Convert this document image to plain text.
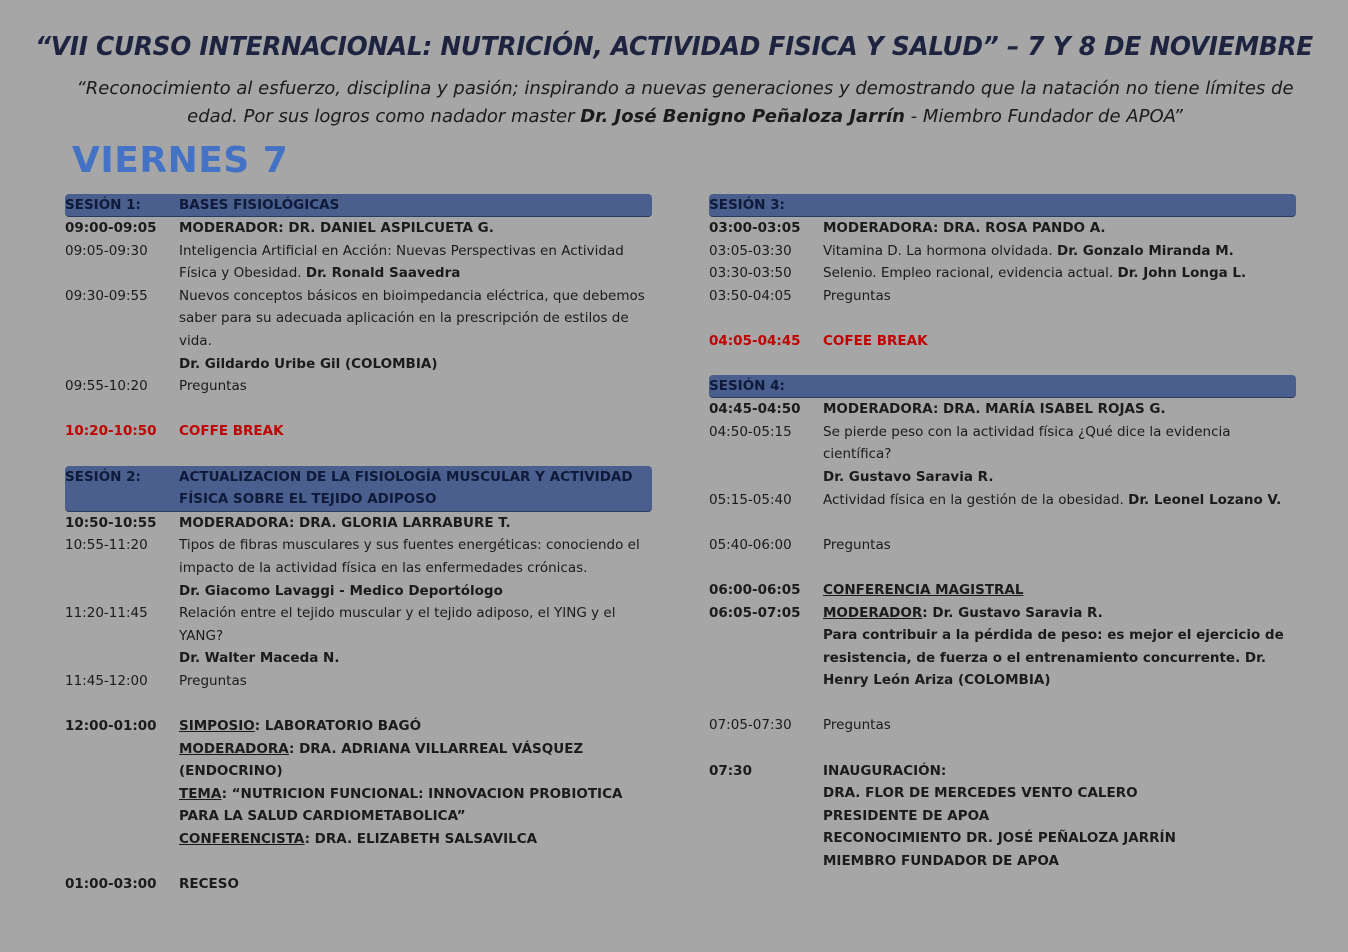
“VII CURSO INTERNACIONAL: NUTRICIÓN, ACTIVIDAD FISICA Y SALUD” – 7 Y 8 DE NOVIEMBRE
“Reconocimiento al esfuerzo, disciplina y pasión; inspirando a nuevas generaciones y demostrando que la natación no tiene límites de edad. Por sus logros como nadador master Dr. José Benigno Peñaloza Jarrín - Miembro Fundador de APOA”
VIERNES 7
SESIÓN 1:	BASES FISIOLÓGICAS
09:00-09:05	MODERADOR: DR. DANIEL ASPILCUETA G.
09:05-09:30	Inteligencia Artificial en Acción: Nuevas Perspectivas en Actividad Física y Obesidad. Dr. Ronald Saavedra
09:30-09:55	Nuevos conceptos básicos en bioimpedancia eléctrica, que debemos saber para su adecuada aplicación en la prescripción de estilos de vida.
Dr. Gildardo Uribe Gil (COLOMBIA)
09:55-10:20	Preguntas
10:20-10:50	COFFE BREAK
SESIÓN 2:	ACTUALIZACION DE LA FISIOLOGÍA MUSCULAR Y ACTIVIDAD FÍSICA SOBRE EL TEJIDO ADIPOSO
10:50-10:55	MODERADORA: DRA. GLORIA LARRABURE T.
10:55-11:20	Tipos de fibras musculares y sus fuentes energéticas: conociendo el impacto de la actividad física en las enfermedades crónicas.
Dr. Giacomo Lavaggi - Medico Deportólogo
11:20-11:45	Relación entre el tejido muscular y el tejido adiposo, el YING y el YANG?
Dr. Walter Maceda N.
11:45-12:00	Preguntas
12:00-01:00	SIMPOSIO: LABORATORIO BAGÓ
MODERADORA: DRA. ADRIANA VILLARREAL VÁSQUEZ (ENDOCRINO)
TEMA: “NUTRICION FUNCIONAL: INNOVACION PROBIOTICA PARA LA SALUD CARDIOMETABOLICA”
CONFERENCISTA: DRA. ELIZABETH SALSAVILCA
01:00-03:00	RECESO
SESIÓN 3:
03:00-03:05	MODERADORA: DRA. ROSA PANDO A.
03:05-03:30	Vitamina D. La hormona olvidada. Dr. Gonzalo Miranda M.
03:30-03:50	Selenio. Empleo racional, evidencia actual. Dr. John Longa L.
03:50-04:05	Preguntas
04:05-04:45	COFEE BREAK
SESIÓN 4:
04:45-04:50	MODERADORA: DRA. MARÍA ISABEL ROJAS G.
04:50-05:15	Se pierde peso con la actividad física ¿Qué dice la evidencia científica?
Dr. Gustavo Saravia R.
05:15-05:40	Actividad física en la gestión de la obesidad. Dr. Leonel Lozano V.
05:40-06:00	Preguntas
06:00-06:05	CONFERENCIA MAGISTRAL
06:05-07:05	MODERADOR: Dr. Gustavo Saravia R.
Para contribuir a la pérdida de peso: es mejor el ejercicio de resistencia, de fuerza o el entrenamiento concurrente. Dr. Henry León Ariza (COLOMBIA)
07:05-07:30	Preguntas
07:30	INAUGURACIÓN:
DRA. FLOR DE MERCEDES VENTO CALERO
PRESIDENTE DE APOA
RECONOCIMIENTO DR. JOSÉ PEÑALOZA JARRÍN
MIEMBRO FUNDADOR DE APOA
